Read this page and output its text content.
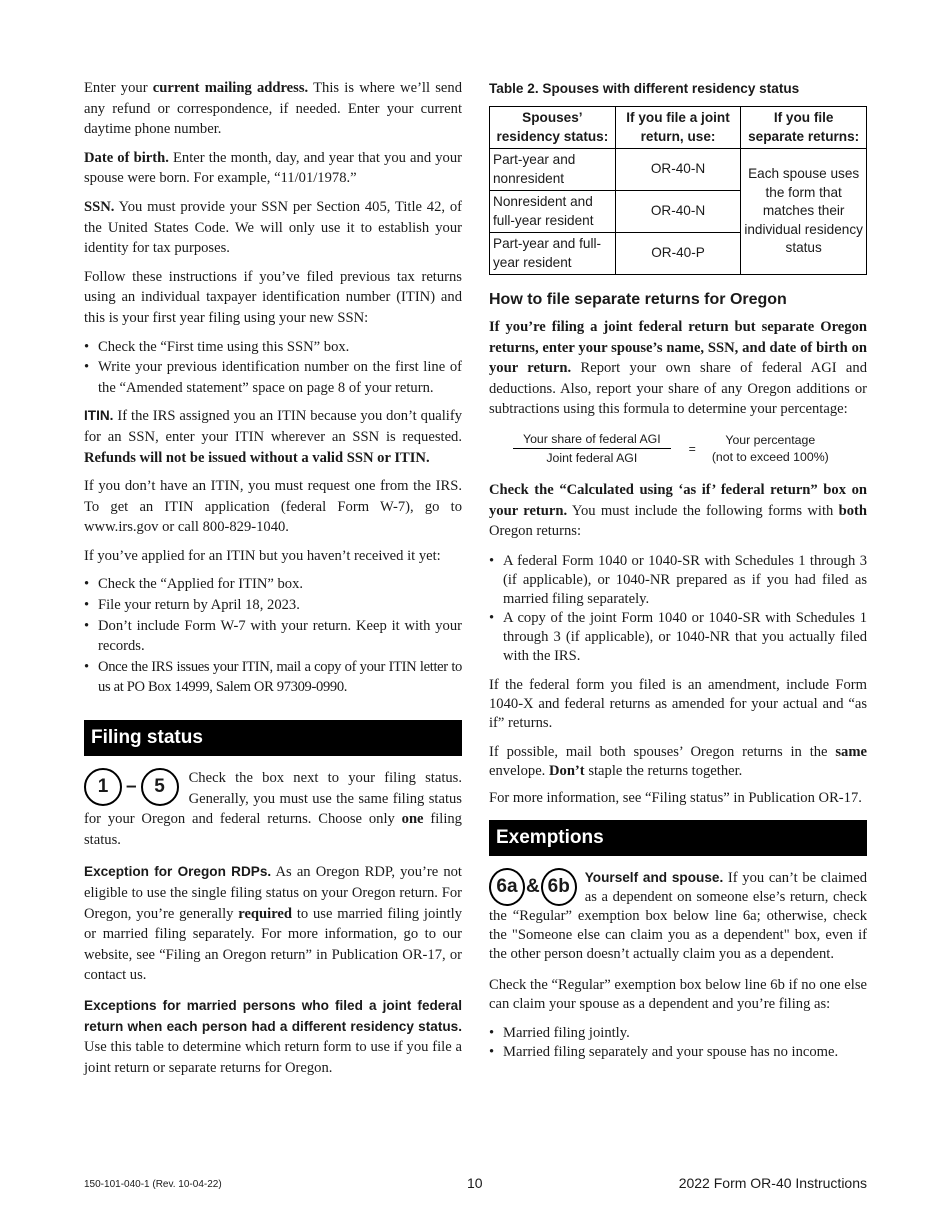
Enter your current mailing address. This is where we’ll send any refund or correspondence, if needed. Enter your current daytime phone number.

Date of birth. Enter the month, day, and year that you and your spouse were born. For example, “11/01/1978.”

SSN. You must provide your SSN per Section 405, Title 42, of the United States Code. We will only use it to establish your identity for tax purposes.

Follow these instructions if you’ve filed previous tax returns using an individual taxpayer identification number (ITIN) and this is your first year filing using your new SSN:

• Check the “First time using this SSN” box.
• Write your previous identification number on the first line of the “Amended statement” space on page 8 of your return.

ITIN. If the IRS assigned you an ITIN because you don’t qualify for an SSN, enter your ITIN wherever an SSN is requested. Refunds will not be issued without a valid SSN or ITIN.

If you don’t have an ITIN, you must request one from the IRS. To get an ITIN application (federal Form W-7), go to www.irs.gov or call 800-829-1040.

If you’ve applied for an ITIN but you haven’t received it yet:

• Check the “Applied for ITIN” box.
• File your return by April 18, 2023.
• Don’t include Form W-7 with your return. Keep it with your records.
• Once the IRS issues your ITIN, mail a copy of your ITIN letter to us at PO Box 14999, Salem OR 97309-0990.
Filing status
1 – 5	Check the box next to your filing status. Generally, you must use the same filing status for your Oregon and federal returns. Choose only one filing status.

Exception for Oregon RDPs. As an Oregon RDP, you’re not eligible to use the single filing status on your Oregon return. For Oregon, you’re generally required to use married filing jointly or married filing separately. For more information, go to our website, see “Filing an Oregon return” in Publication OR-17, or contact us.

Exceptions for married persons who filed a joint federal return when each person had a different residency status. Use this table to determine which return form to use if you file a joint return or separate returns for Oregon.

Table 2. Spouses with different residency status
Spouses’ residency status:	If you file a joint return, use:	If you file separate returns:
Part-year and nonresident	OR-40-N	Each spouse uses the form that matches their individual residency status
Nonresident and full-year resident	OR-40-N	
Part-year and full-year resident	OR-40-P	
How to file separate returns for Oregon

If you’re filing a joint federal return but separate Oregon returns, enter your spouse’s name, SSN, and date of birth on your return. Report your own share of federal AGI and deductions. Also, report your share of any Oregon additions or subtractions using this formula to determine your percentage:

$\frac{\text{Your share of federal AGI}}{\text{Joint federal AGI}}$ =
Your percentage
(not to exceed 100%)

Check the “Calculated using ‘as if’ federal return” box on your return. You must include the following forms with both Oregon returns:

• A federal Form 1040 or 1040-SR with Schedules 1 through 3 (if applicable), or 1040-NR prepared as if you had filed as married filing separately.
• A copy of the joint Form 1040 or 1040-SR with Schedules 1 through 3 (if applicable), or 1040-NR that you actually filed with the IRS.

If the federal form you filed is an amendment, include Form 1040-X and federal returns as amended for your actual and “as if” returns.

If possible, mail both spouses’ Oregon returns in the same envelope. Don’t staple the returns together.

For more information, see “Filing status” in Publication OR-17.

Exemptions
6a & 6b	Yourself and spouse. If you can’t be claimed as a dependent on someone else’s return, check the “Regular” exemption box below line 6a; otherwise, check the "Someone else can claim you as a dependent" box, even if the other person doesn’t actually claim you as a dependent.

Check the “Regular” exemption box below line 6b if no one else can claim your spouse as a dependent and you’re filing as:

• Married filing jointly.
• Married filing separately and your spouse has no income.
150-101-040-1 (Rev. 10-04-22)	10	2022 Form OR-40 Instructions
